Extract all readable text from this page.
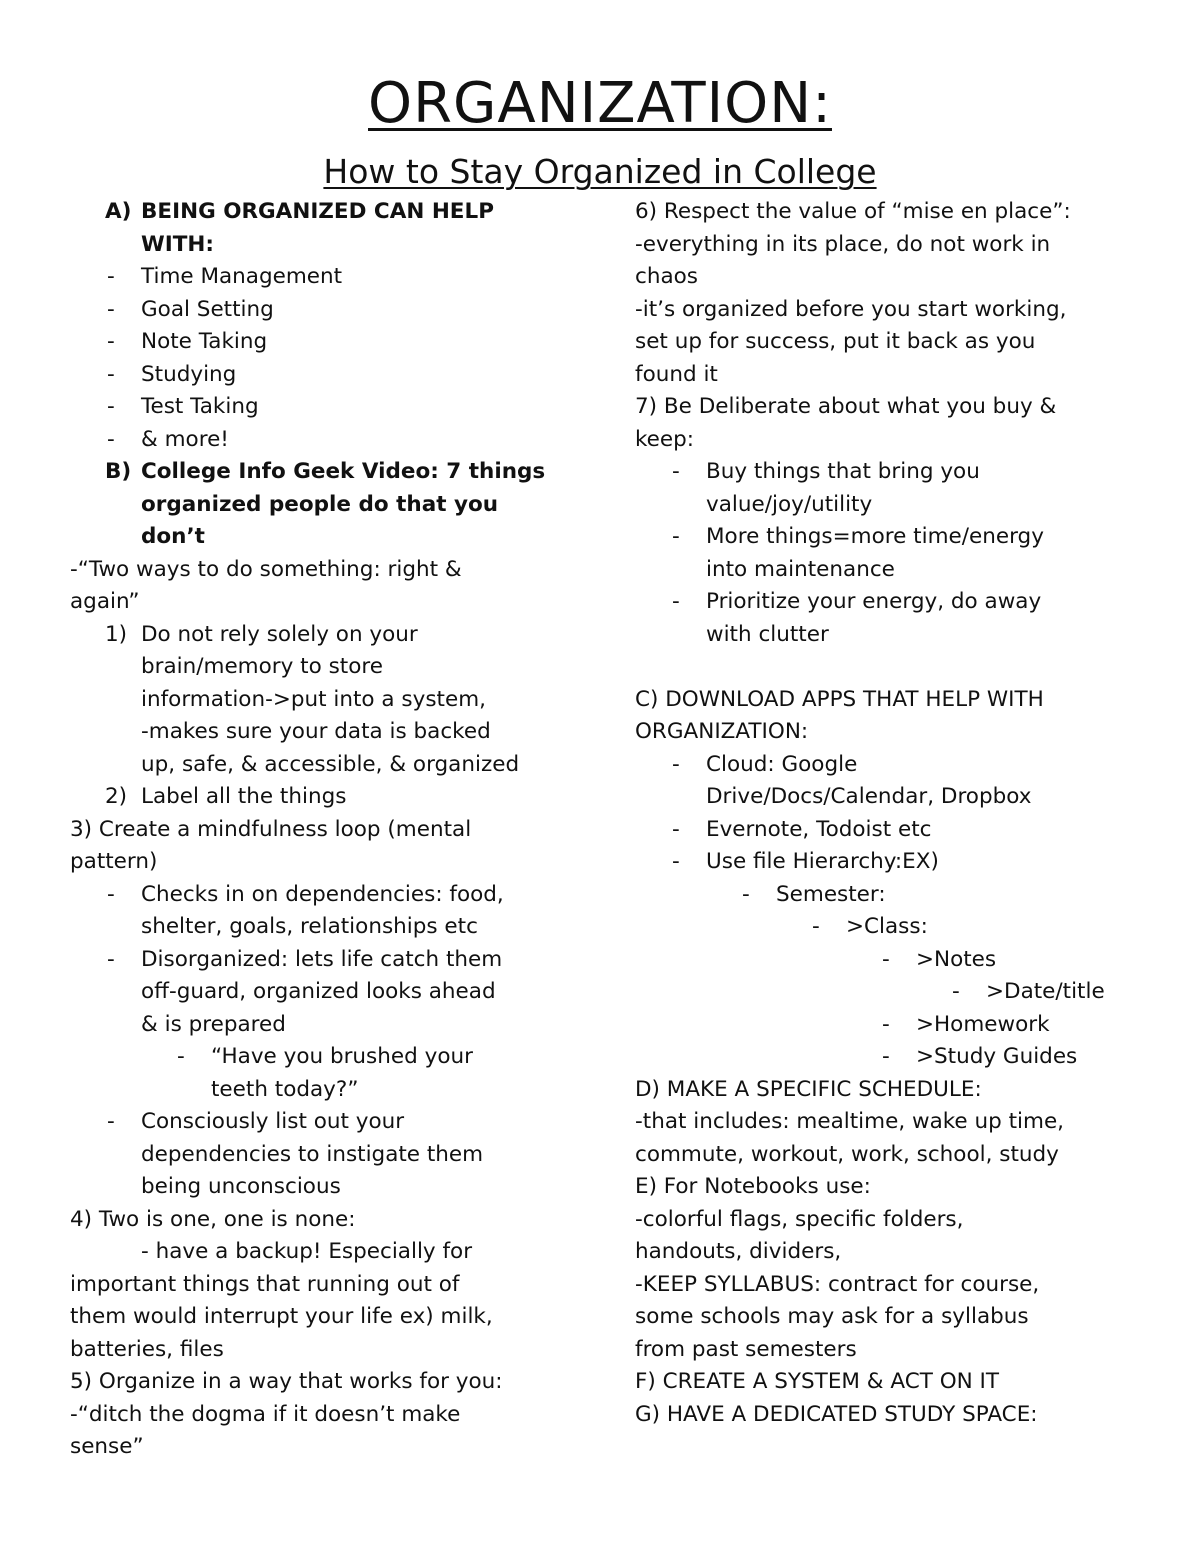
ORGANIZATION:
How to Stay Organized in College
A) BEING ORGANIZED CAN HELP
WITH:
- Time Management
- Goal Setting
- Note Taking
- Studying
- Test Taking
- & more!
B) College Info Geek Video: 7 things
organized people do that you
don’t
-“Two ways to do something: right &
again”
1) Do not rely solely on your
brain/memory to store
information->put into a system,
-makes sure your data is backed
up, safe, & accessible, & organized
2) Label all the things
3) Create a mindfulness loop (mental
pattern)
- Checks in on dependencies: food,
shelter, goals, relationships etc
- Disorganized: lets life catch them
off-guard, organized looks ahead
& is prepared
- “Have you brushed your
teeth today?”
- Consciously list out your
dependencies to instigate them
being unconscious
4) Two is one, one is none:
- have a backup! Especially for
important things that running out of
them would interrupt your life ex) milk,
batteries, files
5) Organize in a way that works for you:
-“ditch the dogma if it doesn’t make
sense”
6) Respect the value of “mise en place”:
-everything in its place, do not work in
chaos
-it’s organized before you start working,
set up for success, put it back as you
found it
7) Be Deliberate about what you buy &
keep:
- Buy things that bring you
value/joy/utility
- More things=more time/energy
into maintenance
- Prioritize your energy, do away
with clutter
C) DOWNLOAD APPS THAT HELP WITH
ORGANIZATION:
- Cloud: Google
Drive/Docs/Calendar, Dropbox
- Evernote, Todoist etc
- Use file Hierarchy:EX)
- Semester:
- >Class:
- >Notes
- >Date/title
- >Homework
- >Study Guides
D) MAKE A SPECIFIC SCHEDULE:
-that includes: mealtime, wake up time,
commute, workout, work, school, study
E) For Notebooks use:
-colorful flags, specific folders,
handouts, dividers,
-KEEP SYLLABUS: contract for course,
some schools may ask for a syllabus
from past semesters
F) CREATE A SYSTEM & ACT ON IT
G) HAVE A DEDICATED STUDY SPACE:
